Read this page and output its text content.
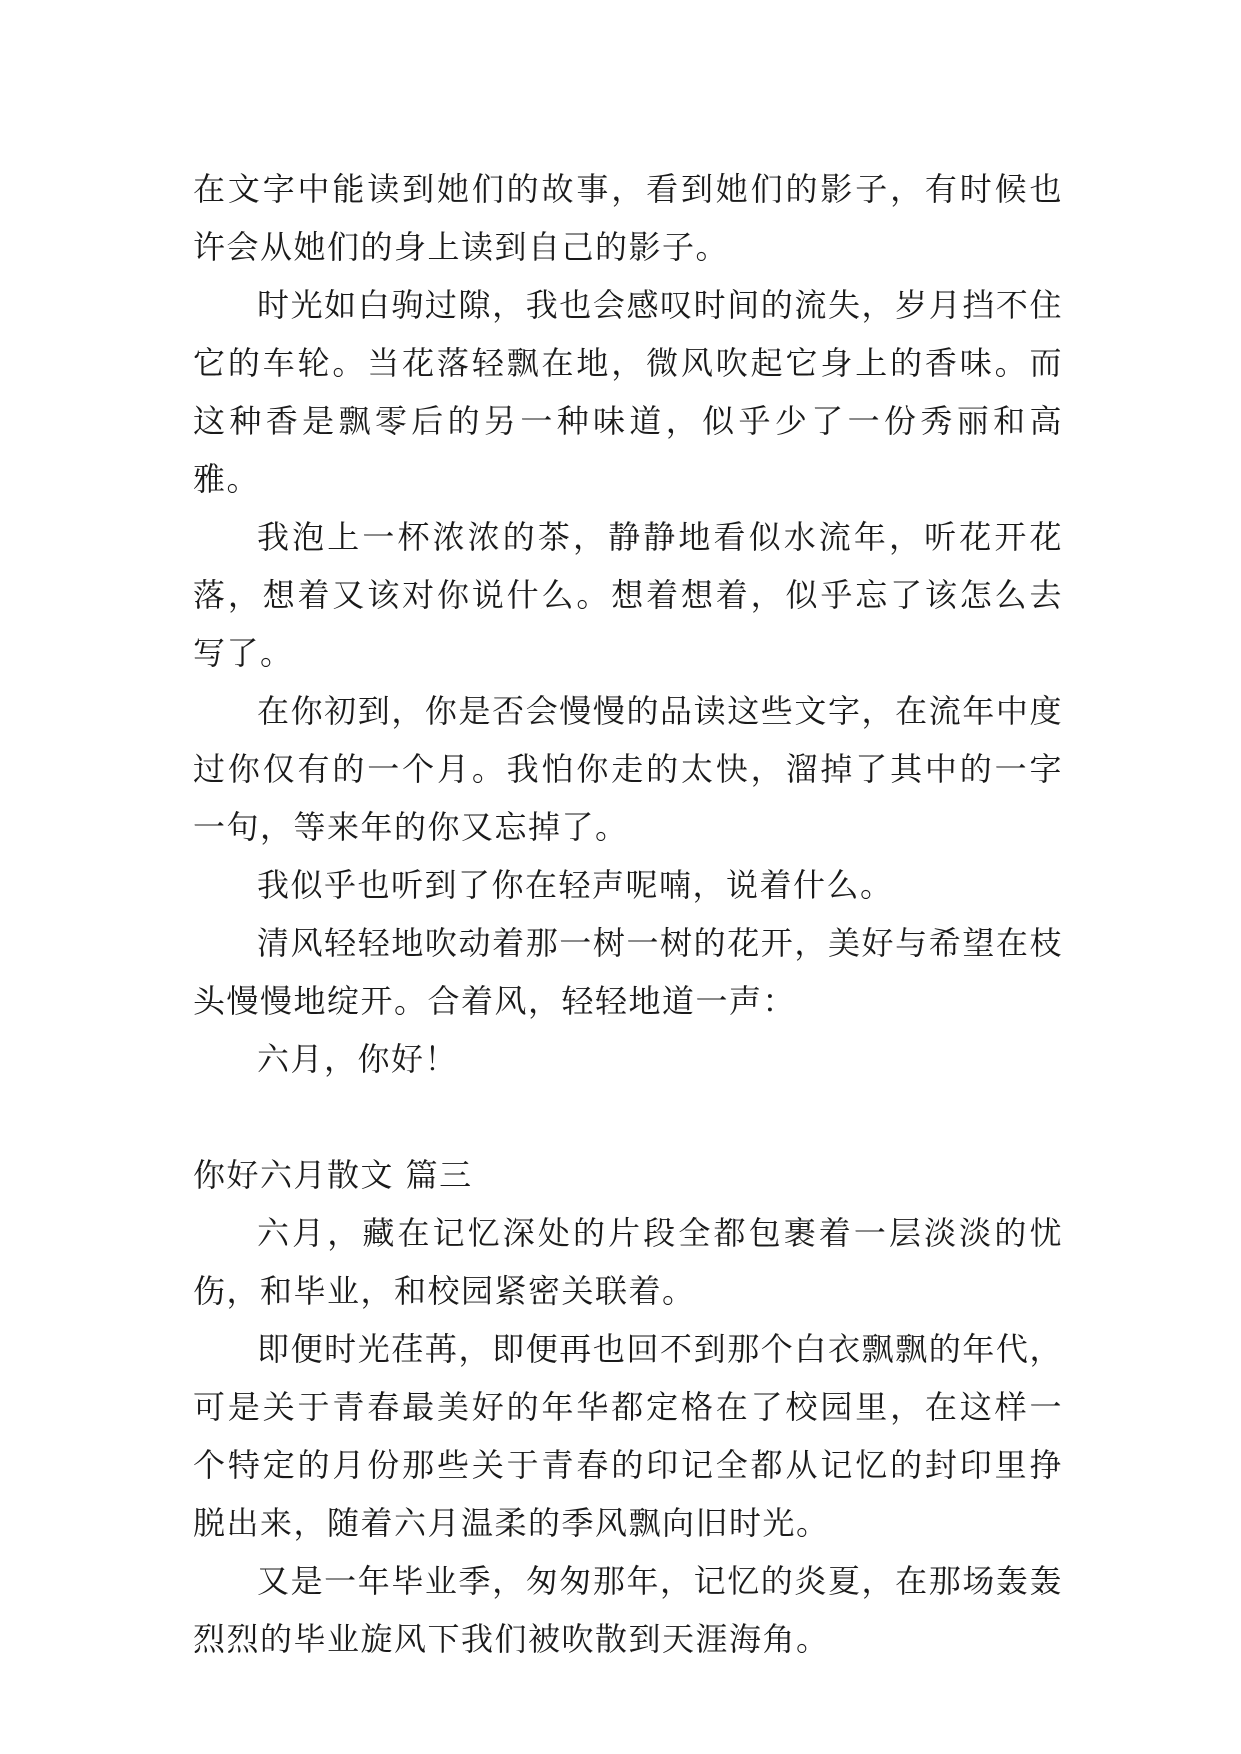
在文字中能读到她们的故事，看到她们的影子，有时候也许会从她们的身上读到自己的影子。

时光如白驹过隙，我也会感叹时间的流失，岁月挡不住它的车轮。当花落轻飘在地，微风吹起它身上的香味。而这种香是飘零后的另一种味道，似乎少了一份秀丽和高雅。

我泡上一杯浓浓的茶，静静地看似水流年，听花开花落，想着又该对你说什么。想着想着，似乎忘了该怎么去写了。

在你初到，你是否会慢慢的品读这些文字，在流年中度过你仅有的一个月。我怕你走的太快，溜掉了其中的一字一句，等来年的你又忘掉了。

我似乎也听到了你在轻声呢喃，说着什么。

清风轻轻地吹动着那一树一树的花开，美好与希望在枝头慢慢地绽开。合着风，轻轻地道一声：

六月，你好！

你好六月散文 篇三

六月，藏在记忆深处的片段全都包裹着一层淡淡的忧伤，和毕业，和校园紧密关联着。

即便时光荏苒，即便再也回不到那个白衣飘飘的年代，可是关于青春最美好的年华都定格在了校园里，在这样一个特定的月份那些关于青春的印记全都从记忆的封印里挣脱出来，随着六月温柔的季风飘向旧时光。

又是一年毕业季，匆匆那年，记忆的炎夏，在那场轰轰烈烈的毕业旋风下我们被吹散到天涯海角。
